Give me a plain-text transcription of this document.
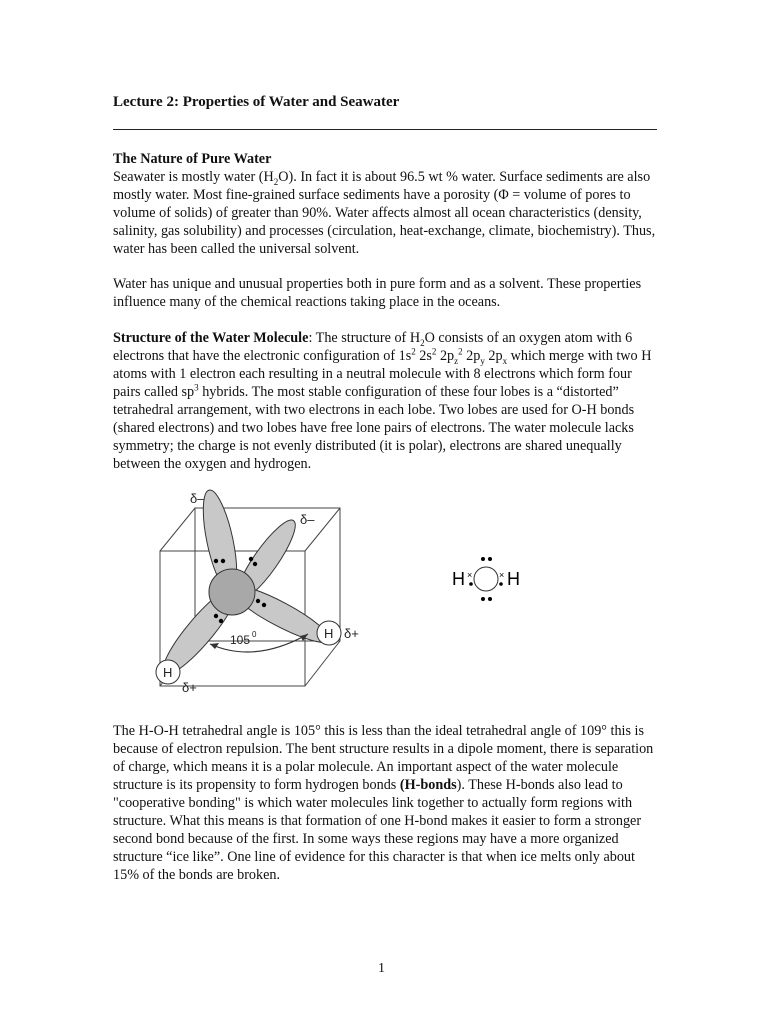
Lecture 2: Properties of Water and Seawater
The Nature of Pure Water
Seawater is mostly water $(H_2O)$. In fact it is about 96.5 wt % water. Surface sediments are also mostly water. Most fine-grained surface sediments have a porosity (Φ = volume of pores to volume of solids) of greater than 90%. Water affects almost all ocean characteristics (density, salinity, gas solubility) and processes (circulation, heat-exchange, climate, biochemistry). Thus, water has been called the universal solvent.

Water has unique and unusual properties both in pure form and as a solvent. These properties influence many of the chemical reactions taking place in the oceans.

Structure of the Water Molecule: The structure of $H_2O$ consists of an oxygen atom with 6 electrons that have the electronic configuration of $1s^2$ $2s^2$ $2p_z^2$ $2p_y$ $2p_x$ which merge with two H atoms with 1 electron each resulting in a neutral molecule with 8 electrons which form four pairs called $sp^3$ hybrids. The most stable configuration of these four lobes is a “distorted” tetrahedral arrangement, with two electrons in each lobe. Two lobes are used for O-H bonds (shared electrons) and two lobes have free lone pairs of electrons. The water molecule lacks symmetry; the charge is not evenly distributed (it is polar), electrons are shared unequally between the oxygen and hydrogen.

δ–
δ–
δ+
δ+
H
H
105 0
×	×
H H

The H-O-H tetrahedral angle is 105° this is less than the ideal tetrahedral angle of 109° this is because of electron repulsion. The bent structure results in a dipole moment, there is separation of charge, which means it is a polar molecule. An important aspect of the water molecule structure is its propensity to form hydrogen bonds (H-bonds). These H-bonds also lead to "cooperative bonding" is which water molecules link together to actually form regions with structure. What this means is that formation of one H-bond makes it easier to form a stronger second bond because of the first. In some ways these regions may have a more organized structure “ice like”. One line of evidence for this character is that when ice melts only about 15% of the bonds are broken.

1
